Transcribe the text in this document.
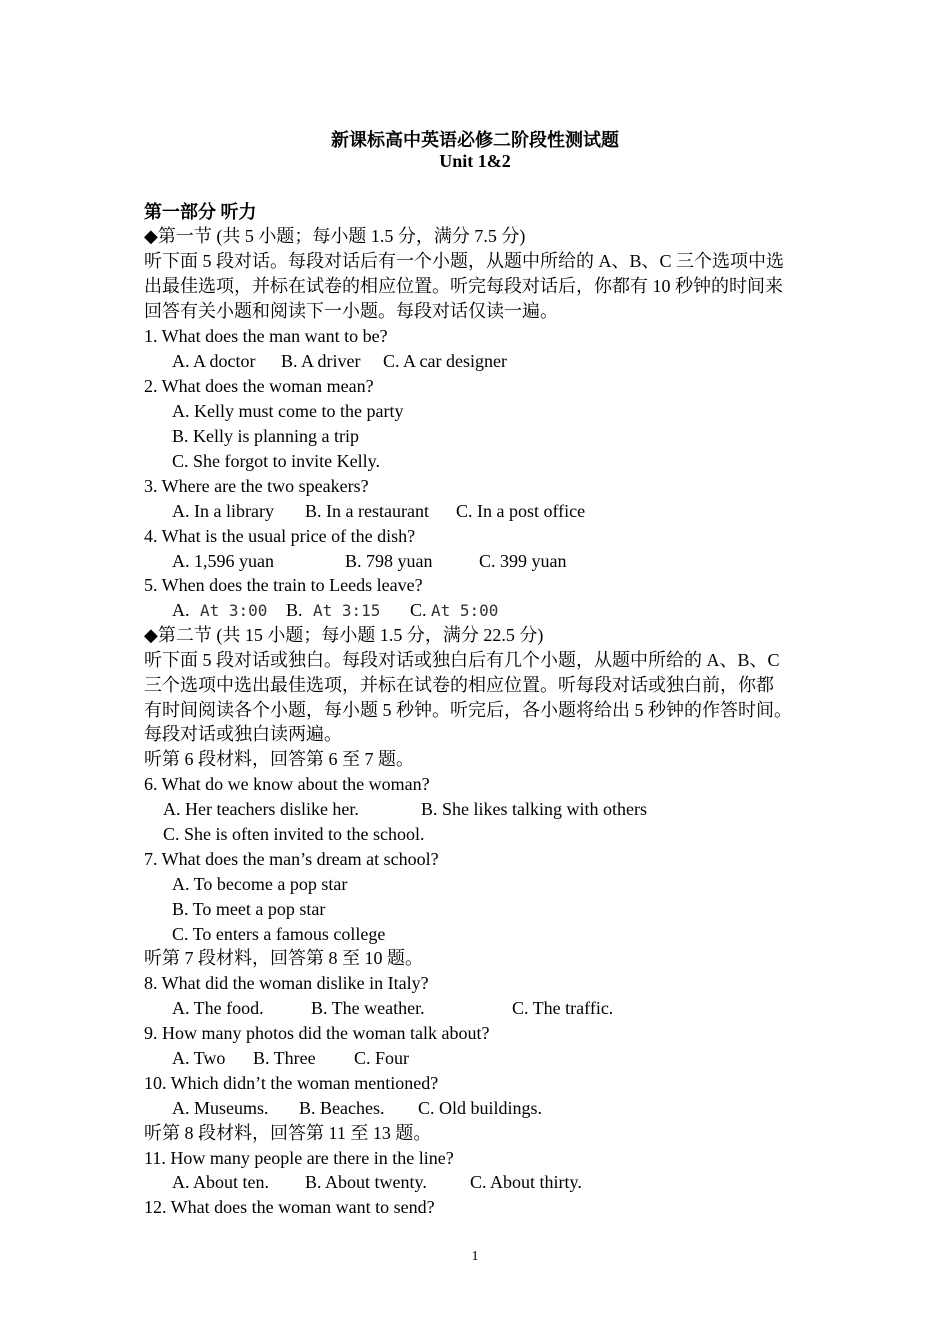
新课标高中英语必修二阶段性测试题
Unit 1&2
第一部分 听力
◆第一节 (共 5 小题；每小题 1.5 分，满分 7.5 分)
听下面 5 段对话。每段对话后有一个小题，从题中所给的 A、B、C 三个选项中选
出最佳选项，并标在试卷的相应位置。听完每段对话后，你都有 10 秒钟的时间来
回答有关小题和阅读下一小题。每段对话仅读一遍。
1. What does the man want to be?
A. A doctor B. A driver C. A car designer
2. What does the woman mean?
A. Kelly must come to the party
B. Kelly is planning a trip
C. She forgot to invite Kelly.
3. Where are the two speakers?
A. In a library B. In a restaurant C. In a post office
4. What is the usual price of the dish?
A. 1,596 yuan	B. 798 yuan	C. 399 yuan
5. When does the train to Leeds leave?
A. At 3:00 B. At 3:15 C. At 5:00
◆第二节 (共 15 小题；每小题 1.5 分，满分 22.5 分)
听下面 5 段对话或独白。每段对话或独白后有几个小题，从题中所给的 A、B、C
三个选项中选出最佳选项，并标在试卷的相应位置。听每段对话或独白前，你都
有时间阅读各个小题，每小题 5 秒钟。听完后，各小题将给出 5 秒钟的作答时间。
每段对话或独白读两遍。
听第 6 段材料，回答第 6 至 7 题。
6. What do we know about the woman?
A. Her teachers dislike her.	B. She likes talking with others
C. She is often invited to the school.
7. What does the man’s dream at school?
A. To become a pop star
B. To meet a pop star
C. To enters a famous college
听第 7 段材料，回答第 8 至 10 题。
8. What did the woman dislike in Italy?
A. The food.	B. The weather.	C. The traffic.
9. How many photos did the woman talk about?
A. Two B. Three C. Four
10. Which didn’t the woman mentioned?
A. Museums. B. Beaches. C. Old buildings.
听第 8 段材料，回答第 11 至 13 题。
11. How many people are there in the line?
A. About ten. B. About twenty. C. About thirty.
12. What does the woman want to send?
1
